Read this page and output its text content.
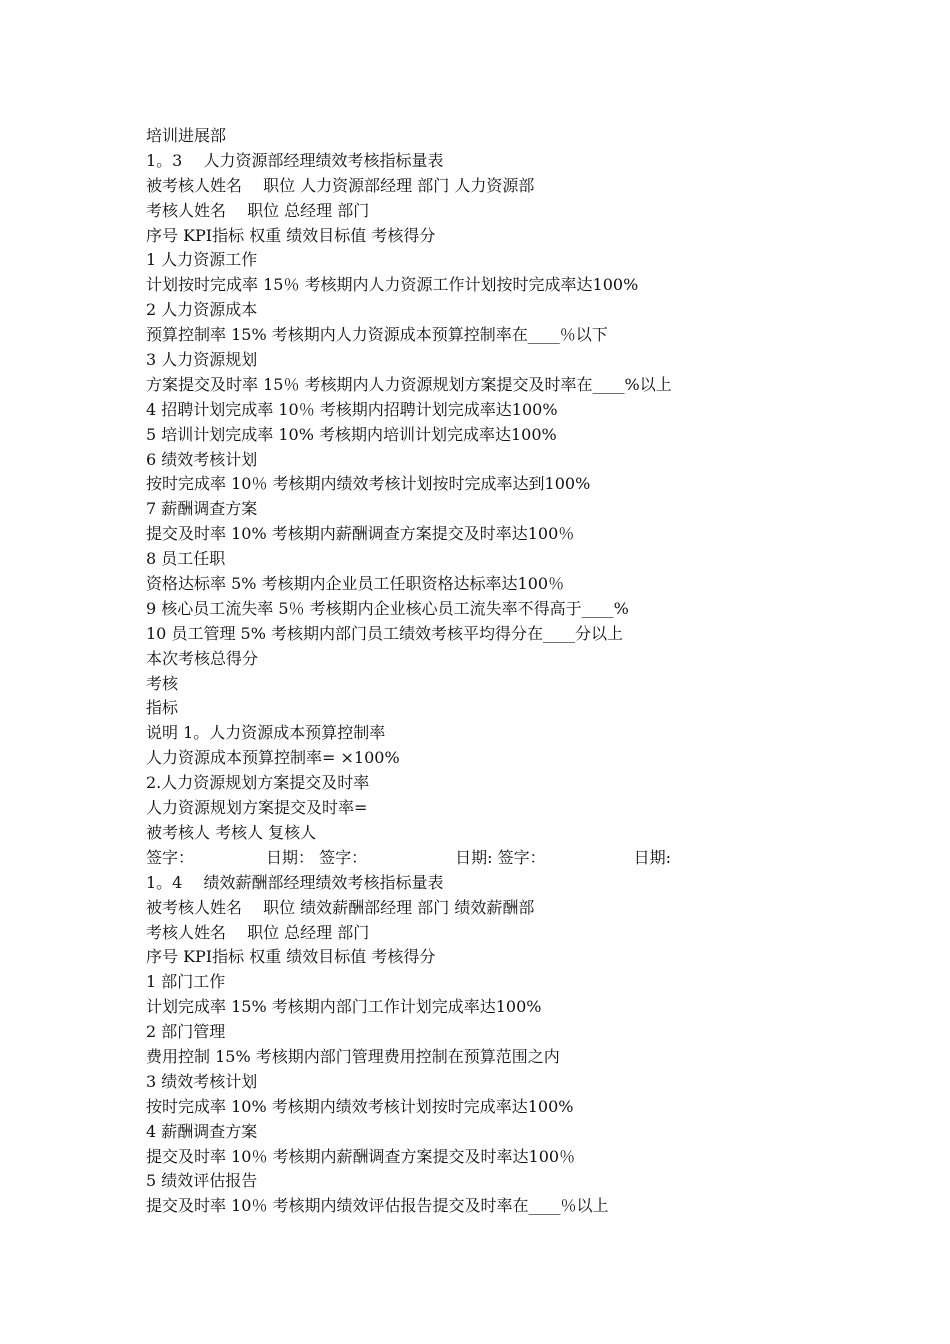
培训进展部
1。3　 人力资源部经理绩效考核指标量表
被考核人姓名　 职位 人力资源部经理 部门 人力资源部
考核人姓名　 职位 总经理 部门
序号 KPI指标 权重 绩效目标值 考核得分
1 人力资源工作
计划按时完成率 15％ 考核期内人力资源工作计划按时完成率达100%
2 人力资源成本
预算控制率 15% 考核期内人力资源成本预算控制率在____％以下
3 人力资源规划
方案提交及时率 15％ 考核期内人力资源规划方案提交及时率在____%以上
4 招聘计划完成率 10％ 考核期内招聘计划完成率达100%
5 培训计划完成率 10% 考核期内培训计划完成率达100%
6 绩效考核计划
按时完成率 10％ 考核期内绩效考核计划按时完成率达到100%
7 薪酬调查方案
提交及时率 10% 考核期内薪酬调查方案提交及时率达100％
8 员工任职
资格达标率 5% 考核期内企业员工任职资格达标率达100％
9 核心员工流失率 5％ 考核期内企业核心员工流失率不得高于____%
10 员工管理 5% 考核期内部门员工绩效考核平均得分在____分以上
本次考核总得分
考核
指标
说明 1。人力资源成本预算控制率
人力资源成本预算控制率= ×100%
2.人力资源规划方案提交及时率
人力资源规划方案提交及时率=
被考核人 考核人 复核人
签字：　　　　　日期： 签字：　　　　　　日期: 签字：　　　　　　日期:
1。4　 绩效薪酬部经理绩效考核指标量表
被考核人姓名　 职位 绩效薪酬部经理 部门 绩效薪酬部
考核人姓名　 职位 总经理 部门
序号 KPI指标 权重 绩效目标值 考核得分
1 部门工作
计划完成率 15% 考核期内部门工作计划完成率达100%
2 部门管理
费用控制 15% 考核期内部门管理费用控制在预算范围之内
3 绩效考核计划
按时完成率 10% 考核期内绩效考核计划按时完成率达100%
4 薪酬调查方案
提交及时率 10％ 考核期内薪酬调查方案提交及时率达100％
5 绩效评估报告
提交及时率 10％ 考核期内绩效评估报告提交及时率在____％以上
